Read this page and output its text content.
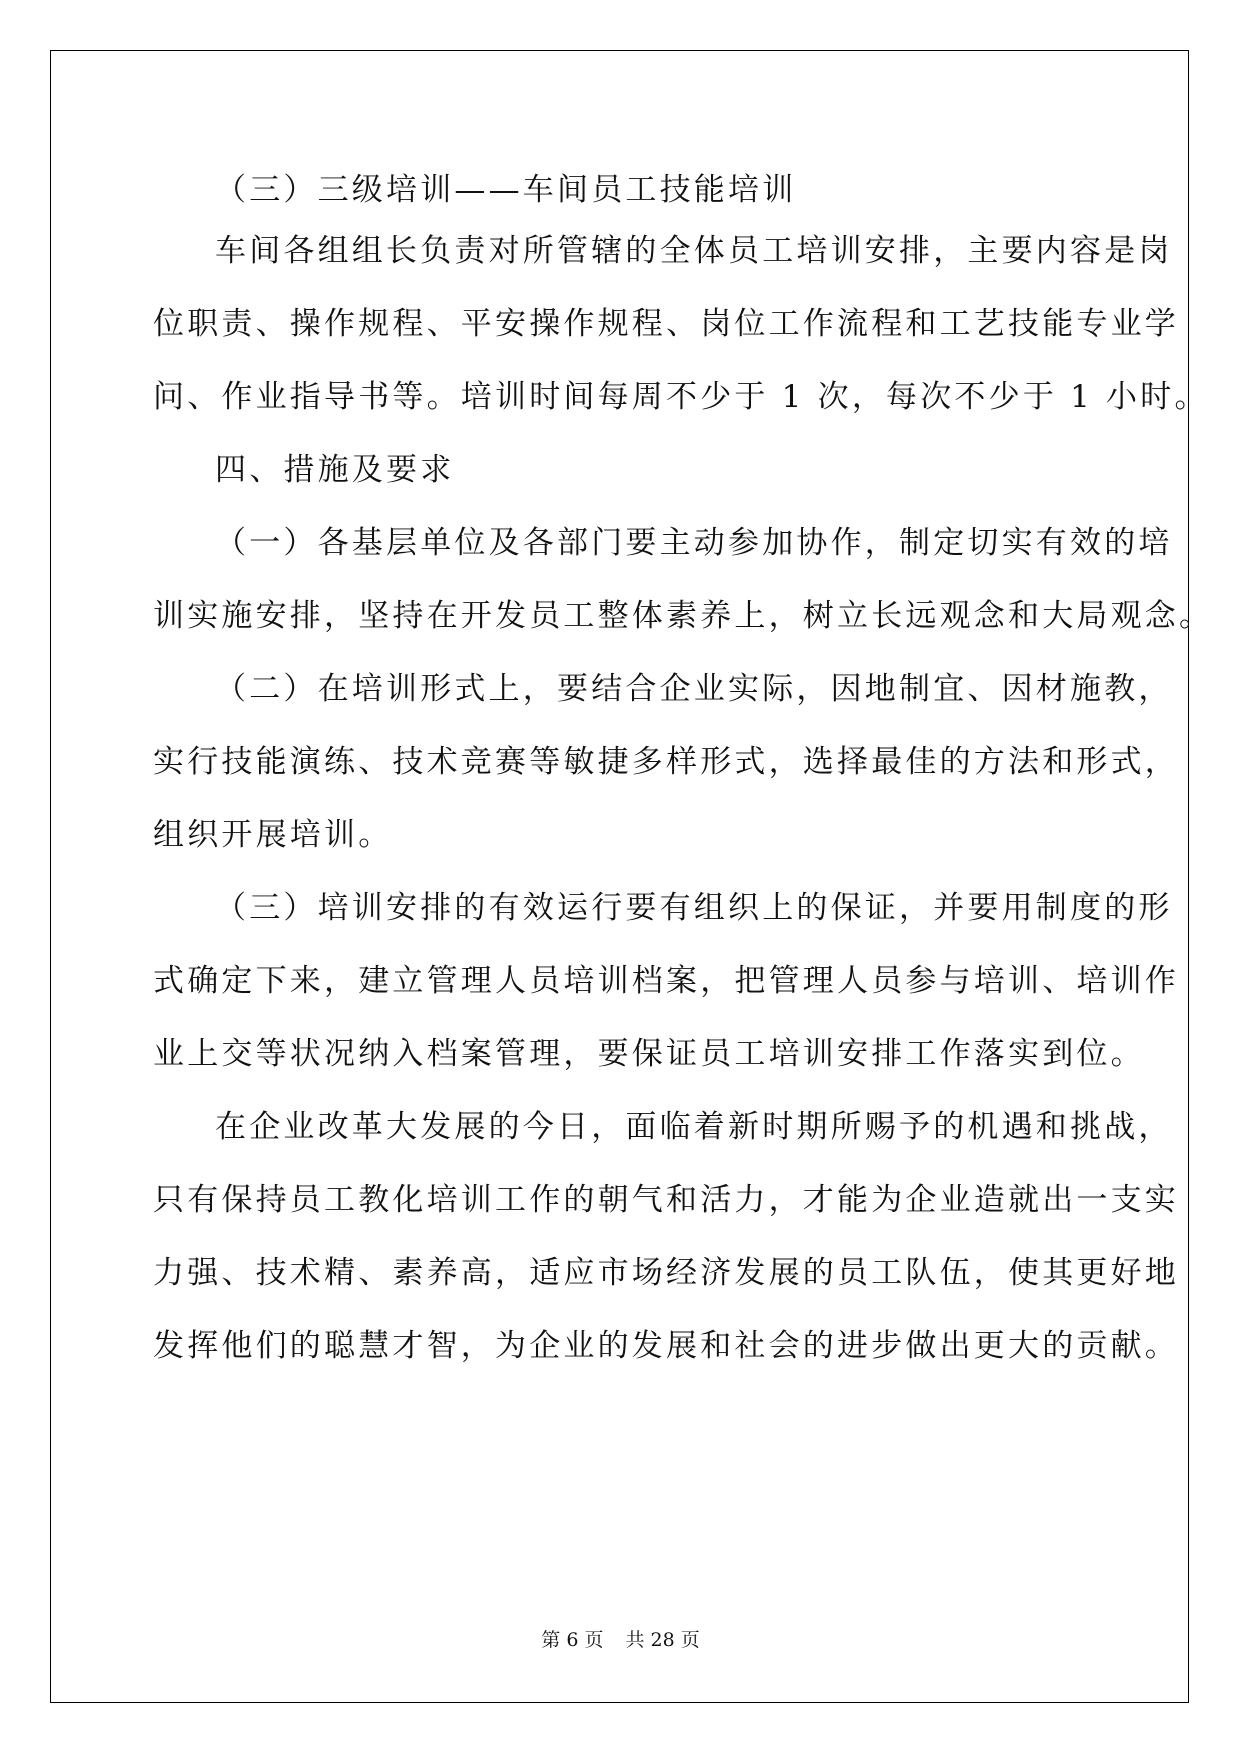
（三）三级培训——车间员工技能培训
车间各组组长负责对所管辖的全体员工培训安排，主要内容是岗
位职责、操作规程、平安操作规程、岗位工作流程和工艺技能专业学
问、作业指导书等。培训时间每周不少于 1 次，每次不少于 1 小时。
四、措施及要求
（一）各基层单位及各部门要主动参加协作，制定切实有效的培
训实施安排，坚持在开发员工整体素养上，树立长远观念和大局观念。
（二）在培训形式上，要结合企业实际，因地制宜、因材施教，
实行技能演练、技术竞赛等敏捷多样形式，选择最佳的方法和形式，
组织开展培训。
（三）培训安排的有效运行要有组织上的保证，并要用制度的形
式确定下来，建立管理人员培训档案，把管理人员参与培训、培训作
业上交等状况纳入档案管理，要保证员工培训安排工作落实到位。
在企业改革大发展的今日，面临着新时期所赐予的机遇和挑战，
只有保持员工教化培训工作的朝气和活力，才能为企业造就出一支实
力强、技术精、素养高，适应市场经济发展的员工队伍，使其更好地
发挥他们的聪慧才智，为企业的发展和社会的进步做出更大的贡献。
第 6 页 共 28 页
